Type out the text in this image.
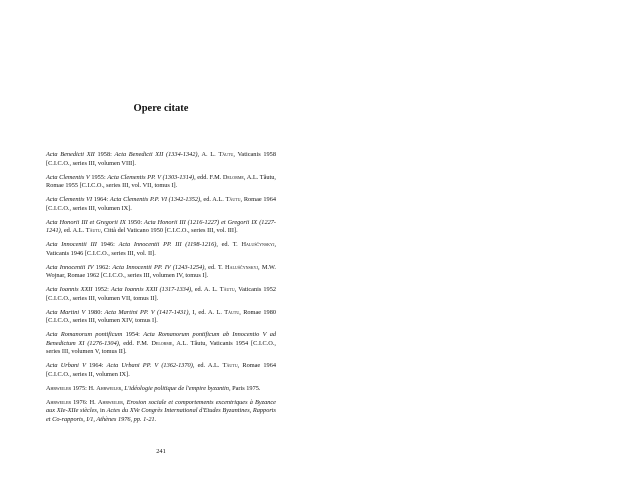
Opere citate

Acta Benedicti XII 1958: Acta Benedicti XII (1334-1342), A. L. Tăutu, Vaticanis 1958 [C.I.C.O., series III, volumen VIII].

Acta Clementis V 1955: Acta Clementis PP. V (1303-1314), edd. F.M. Delorme, A.L. Tăutu, Romae 1955 [C.I.C.O., series III, vol. VII, tomus I].

Acta Clementis VI 1964: Acta Clementis P.P. VI (1342-1352), ed. A.L. Tăutu, Romae 1964 [C.I.C.O., series III, volumen IX].

Acta Honorii III et Gregorii IX 1950: Acta Honorii III (1216-1227) et Gregorii IX (1227-1241), ed. A.L. Tăutu, Città del Vaticano 1950 [C.I.C.O., series III, vol. III].

Acta Innocentii III 1946: Acta Innocentii PP. III (1198-1216), ed. T. Haluščynskyj, Vaticanis 1946 [C.I.C.O., series III, vol. II].

Acta Innocentii IV 1962: Acta Innocentii PP. IV (1243-1254), ed. T. Haluščynskyj, M.W. Wojnar, Romae 1962 [C.I.C.O., series III, volumen IV, tomus I].

Acta Ioannis XXII 1952: Acta Ioannis XXII (1317-1334), ed. A. L. Tăutu, Vaticanis 1952 [C.I.C.O., series III, volumen VII, tomus II].

Acta Martini V 1980: Acta Martini PP. V (1417-1431), I, ed. A. L. Tăutu, Romae 1980 [C.I.C.O., series III, volumen XIV, tomus I].

Acta Romanorum pontificum 1954: Acta Romanorum pontificum ab Innocentio V ad Benedictum XI (1276-1304), edd. F.M. Delorme, A.L. Tăutu, Vaticanis 1954 [C.I.C.O., series III, volumen V, tomus II].

Acta Urbani V 1964: Acta Urbani PP. V (1362-1370), ed. A.L. Tăutu, Romae 1964 [C.I.C.O., series II, volumen IX].

Ahrweiler 1975: H. Ahrweiler, L'idéologie politique de l'empire byzantin, Paris 1975.

Ahrweiler 1976: H. Ahrweiler, Erosion sociale et comportements excentriques à Byzance aux XIe-XIIe siècles, in Actes du XVe Congrès International d'Etudes Byzantines, Rapports et Co-rapports, I/1, Athènes 1976, pp. 1-21.

241
